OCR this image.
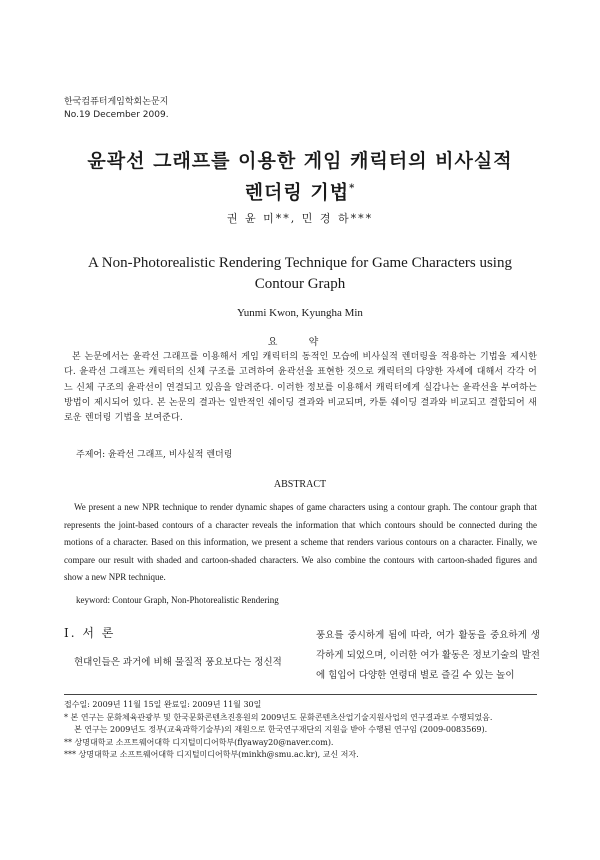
한국컴퓨터게임학회논문지
No.19 December 2009.
윤곽선 그래프를 이용한 게임 캐릭터의 비사실적
렌더링 기법*
권 윤 미**, 민 경 하***
A Non-Photorealistic Rendering Technique for Game Characters using
Contour Graph
Yunmi Kwon, Kyungha Min
요 약

본 논문에서는 윤곽선 그래프를 이용해서 게임 캐릭터의 동적인 모습에 비사실적 렌더링을 적용하는 기법을 제시한다. 윤곽선 그래프는 캐릭터의 신체 구조를 고려하여 윤곽선을 표현한 것으로 캐릭터의 다양한 자세에 대해서 각각 어느 신체 구조의 윤곽선이 연결되고 있음을 알려준다. 이러한 정보를 이용해서 캐릭터에게 실감나는 윤곽선을 부여하는 방법이 제시되어 있다. 본 논문의 결과는 일반적인 쉐이딩 결과와 비교되며, 카툰 쉐이딩 결과와 비교되고 결합되어 새로운 렌더링 기법을 보여준다.

주제어: 윤곽선 그래프, 비사실적 렌더링
ABSTRACT

We present a new NPR technique to render dynamic shapes of game characters using a contour graph. The contour graph that represents the joint-based contours of a character reveals the information that which contours should be connected during the motions of a character. Based on this information, we present a scheme that renders various contours on a character. Finally, we compare our result with shaded and cartoon-shaded characters. We also combine the contours with cartoon-shaded figures and show a new NPR technique.

keyword: Contour Graph, Non-Photorealistic Rendering
I. 서 론

현대인들은 과거에 비해 물질적 풍요보다는 정신적

풍요를 중시하게 됨에 따라, 여가 활동을 중요하게 생각하게 되었으며, 이러한 여가 활동은 정보기술의 발전에 힘입어 다양한 연령대 별로 즐길 수 있는 놀이

접수일: 2009년 11월 15일 완료일: 2009년 11월 30일
* 본 연구는 문화체육관광부 및 한국문화콘텐츠진흥원의 2009년도 문화콘텐츠산업기술지원사업의 연구결과로 수행되었음.
본 연구는 2009년도 정부(교육과학기술부)의 재원으로 한국연구재단의 지원을 받아 수행된 연구임 (2009-0083569).
** 상명대학교 소프트웨어대학 디지털미디어학부(flyaway20@naver.com).
*** 상명대학교 소프트웨어대학 디지털미디어학부(minkh@smu.ac.kr), 교신 저자.
